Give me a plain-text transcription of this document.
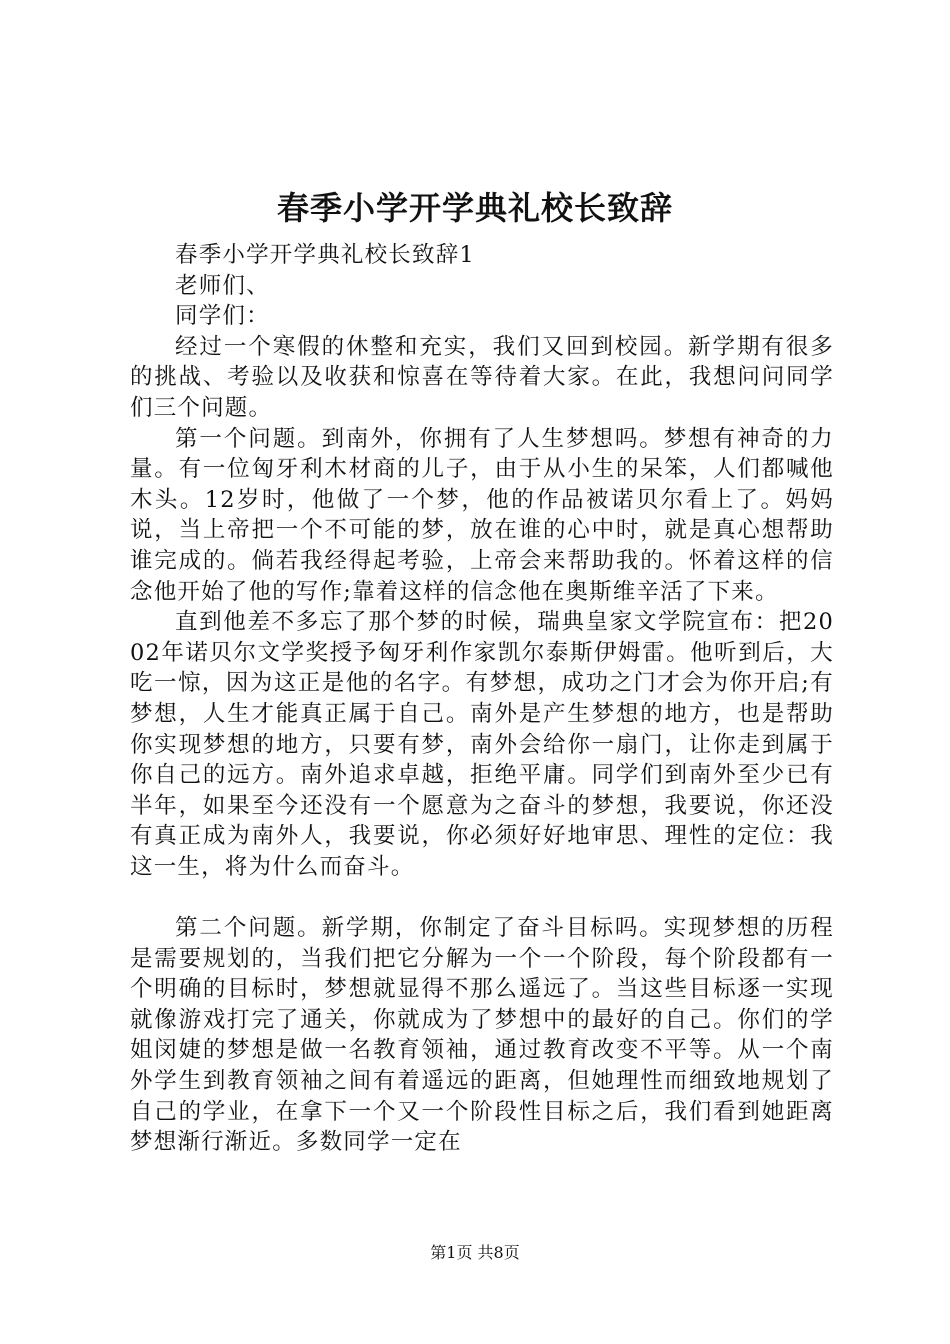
春季小学开学典礼校长致辞

春季小学开学典礼校长致辞1

老师们、

同学们：

经过一个寒假的休整和充实，我们又回到校园。新学期有很多的挑战、考验以及收获和惊喜在等待着大家。在此，我想问问同学们三个问题。

第一个问题。到南外，你拥有了人生梦想吗。梦想有神奇的力量。有一位匈牙利木材商的儿子，由于从小生的呆笨，人们都喊他木头。12岁时，他做了一个梦，他的作品被诺贝尔看上了。妈妈说，当上帝把一个不可能的梦，放在谁的心中时，就是真心想帮助谁完成的。倘若我经得起考验，上帝会来帮助我的。怀着这样的信念他开始了他的写作;靠着这样的信念他在奥斯维辛活了下来。

直到他差不多忘了那个梦的时候，瑞典皇家文学院宣布：把2002年诺贝尔文学奖授予匈牙利作家凯尔泰斯伊姆雷。他听到后，大吃一惊，因为这正是他的名字。有梦想，成功之门才会为你开启;有梦想，人生才能真正属于自己。南外是产生梦想的地方，也是帮助你实现梦想的地方，只要有梦，南外会给你一扇门，让你走到属于你自己的远方。南外追求卓越，拒绝平庸。同学们到南外至少已有半年，如果至今还没有一个愿意为之奋斗的梦想，我要说，你还没有真正成为南外人，我要说，你必须好好地审思、理性的定位：我这一生，将为什么而奋斗。

第二个问题。新学期，你制定了奋斗目标吗。实现梦想的历程是需要规划的，当我们把它分解为一个一个阶段，每个阶段都有一个明确的目标时，梦想就显得不那么遥远了。当这些目标逐一实现就像游戏打完了通关，你就成为了梦想中的最好的自己。你们的学姐闵婕的梦想是做一名教育领袖，通过教育改变不平等。从一个南外学生到教育领袖之间有着遥远的距离，但她理性而细致地规划了自己的学业，在拿下一个又一个阶段性目标之后，我们看到她距离梦想渐行渐近。多数同学一定在

第1页 共8页
